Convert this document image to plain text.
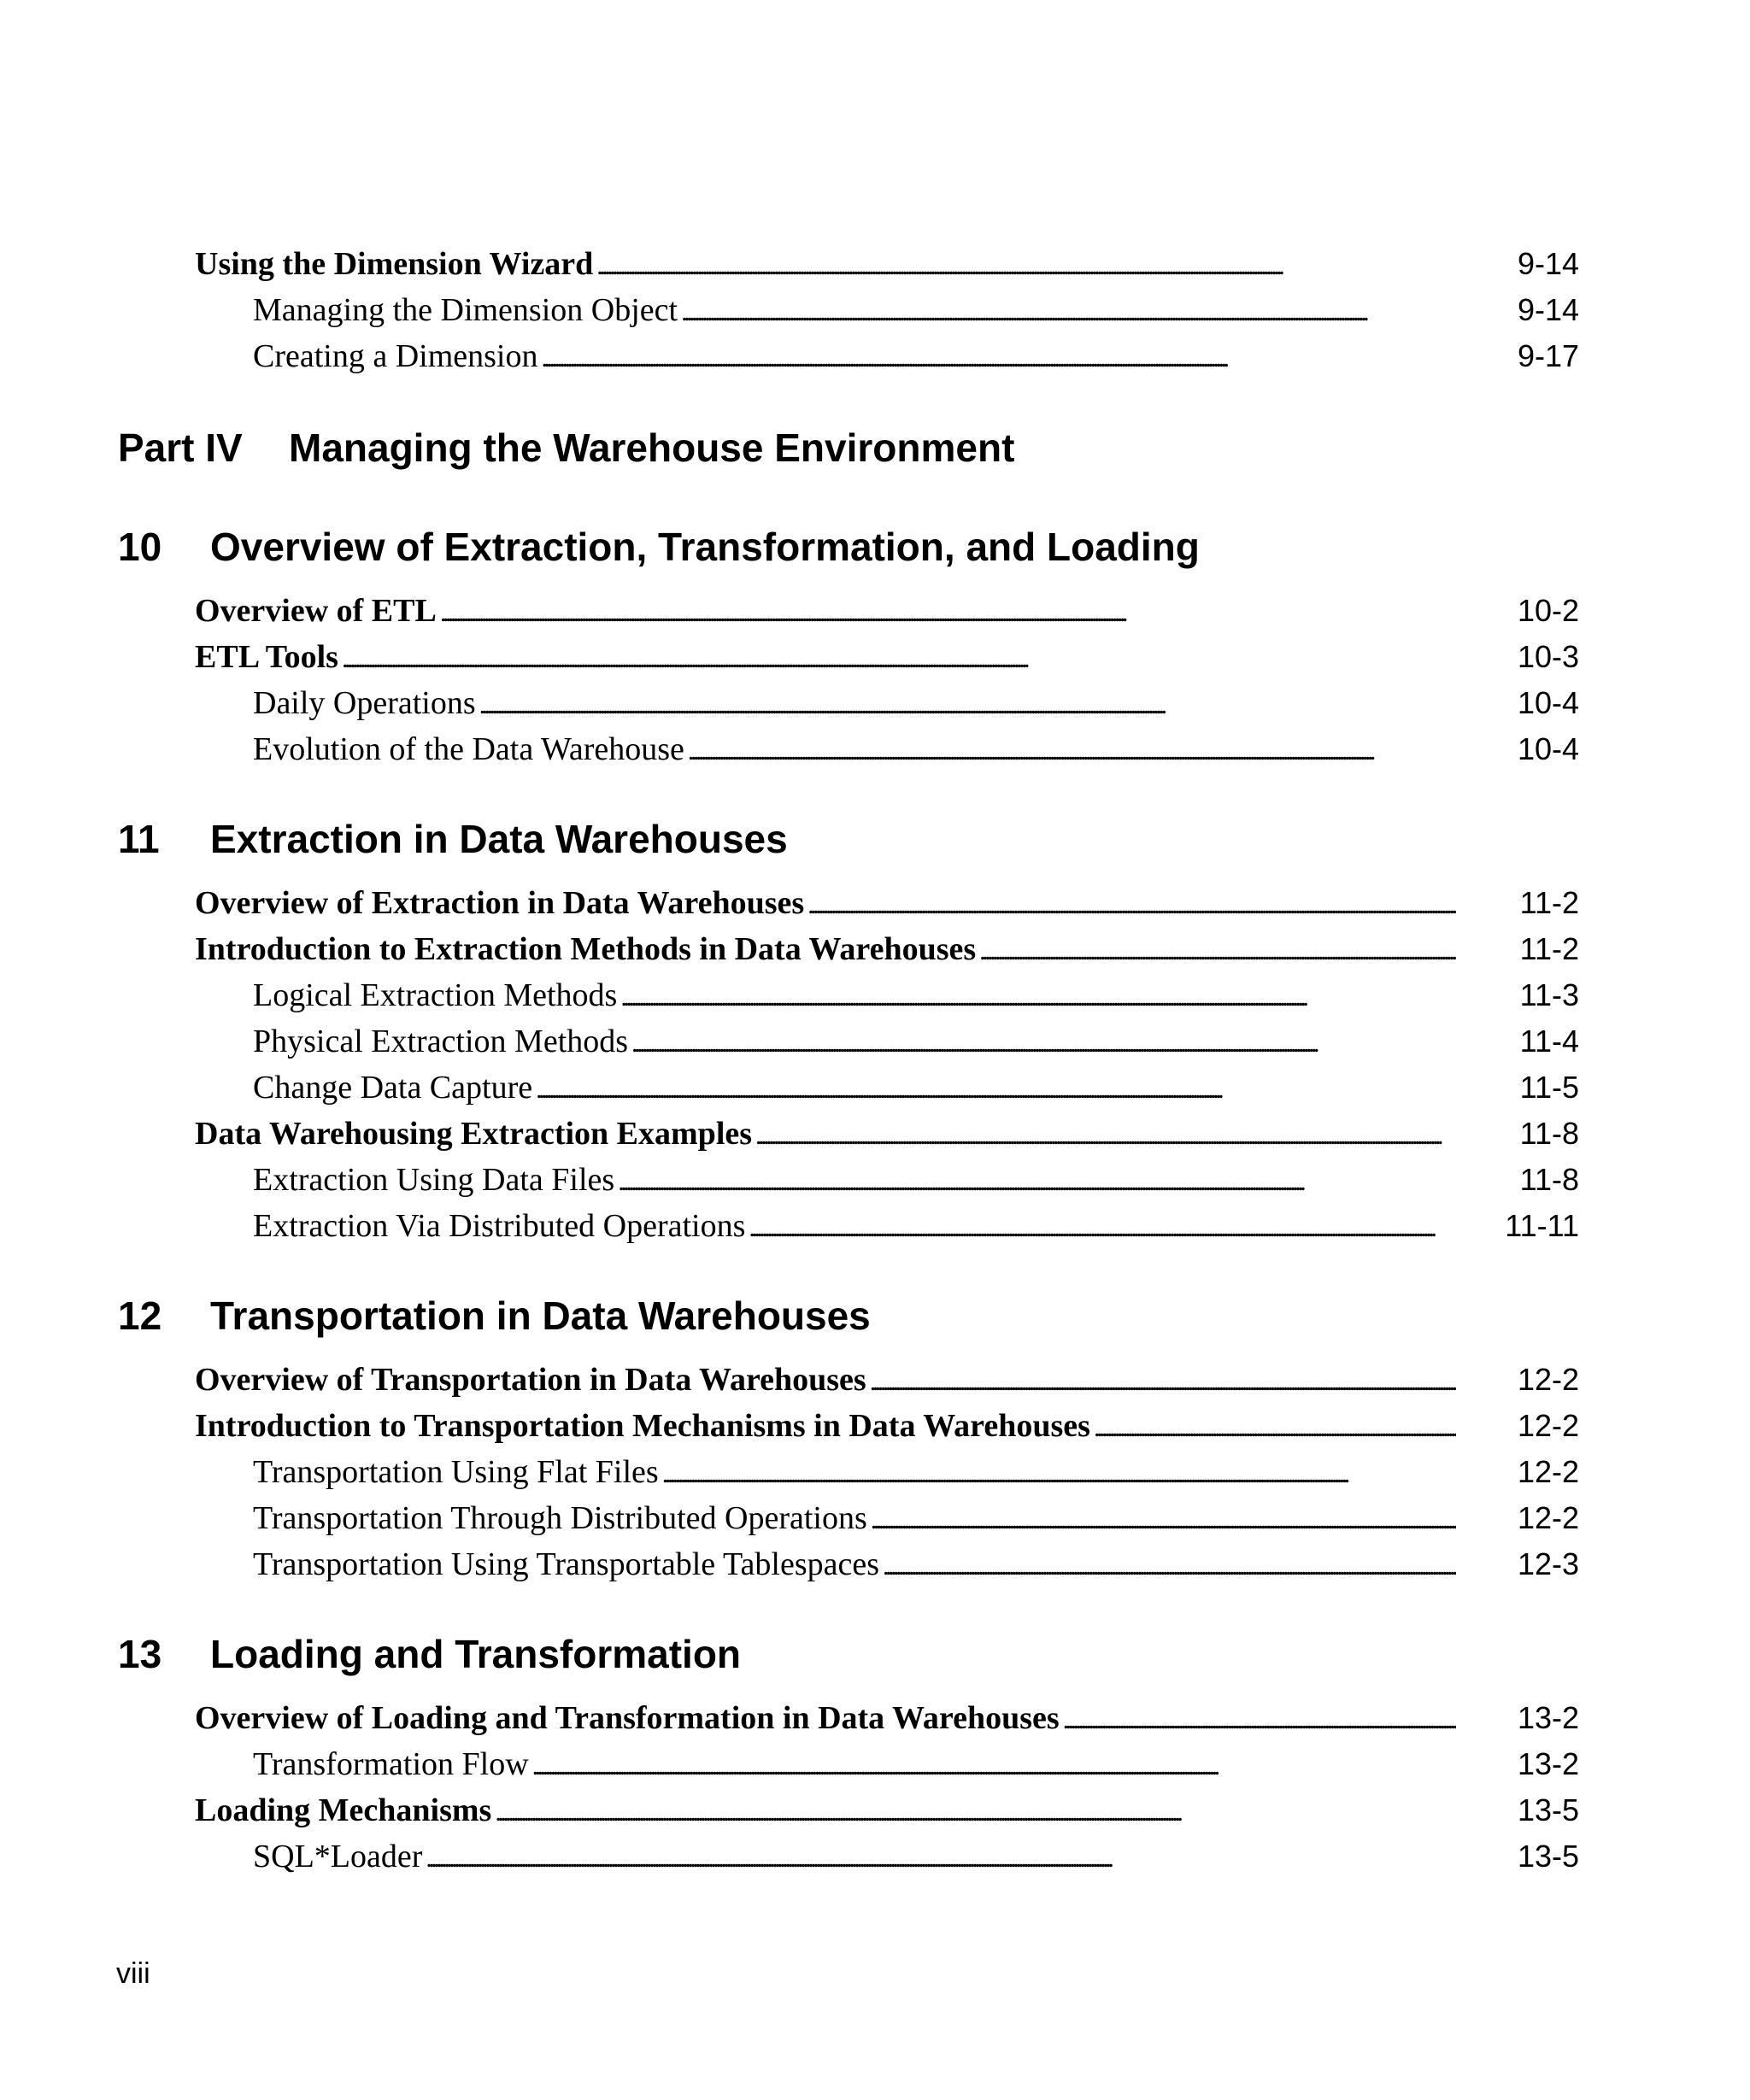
Using the Dimension Wizard . . .	9-14
Managing the Dimension Object . . .	9-14
Creating a Dimension . . .	9-17
Part IV Managing the Warehouse Environment
10 Overview of Extraction, Transformation, and Loading
Overview of ETL . . .	10-2
ETL Tools . . .	10-3
Daily Operations . . .	10-4
Evolution of the Data Warehouse . . .	10-4
11 Extraction in Data Warehouses
Overview of Extraction in Data Warehouses . . .	11-2
Introduction to Extraction Methods in Data Warehouses . . .	11-2
Logical Extraction Methods . . .	11-3
Physical Extraction Methods . . .	11-4
Change Data Capture . . .	11-5
Data Warehousing Extraction Examples . . .	11-8
Extraction Using Data Files . . .	11-8
Extraction Via Distributed Operations . . .	11-11
12 Transportation in Data Warehouses
Overview of Transportation in Data Warehouses . . .	12-2
Introduction to Transportation Mechanisms in Data Warehouses . . .	12-2
Transportation Using Flat Files . . .	12-2
Transportation Through Distributed Operations . . .	12-2
Transportation Using Transportable Tablespaces . . .	12-3
13 Loading and Transformation
Overview of Loading and Transformation in Data Warehouses . . .	13-2
Transformation Flow . . .	13-2
Loading Mechanisms . . .	13-5
SQL*Loader . . .	13-5
viii
